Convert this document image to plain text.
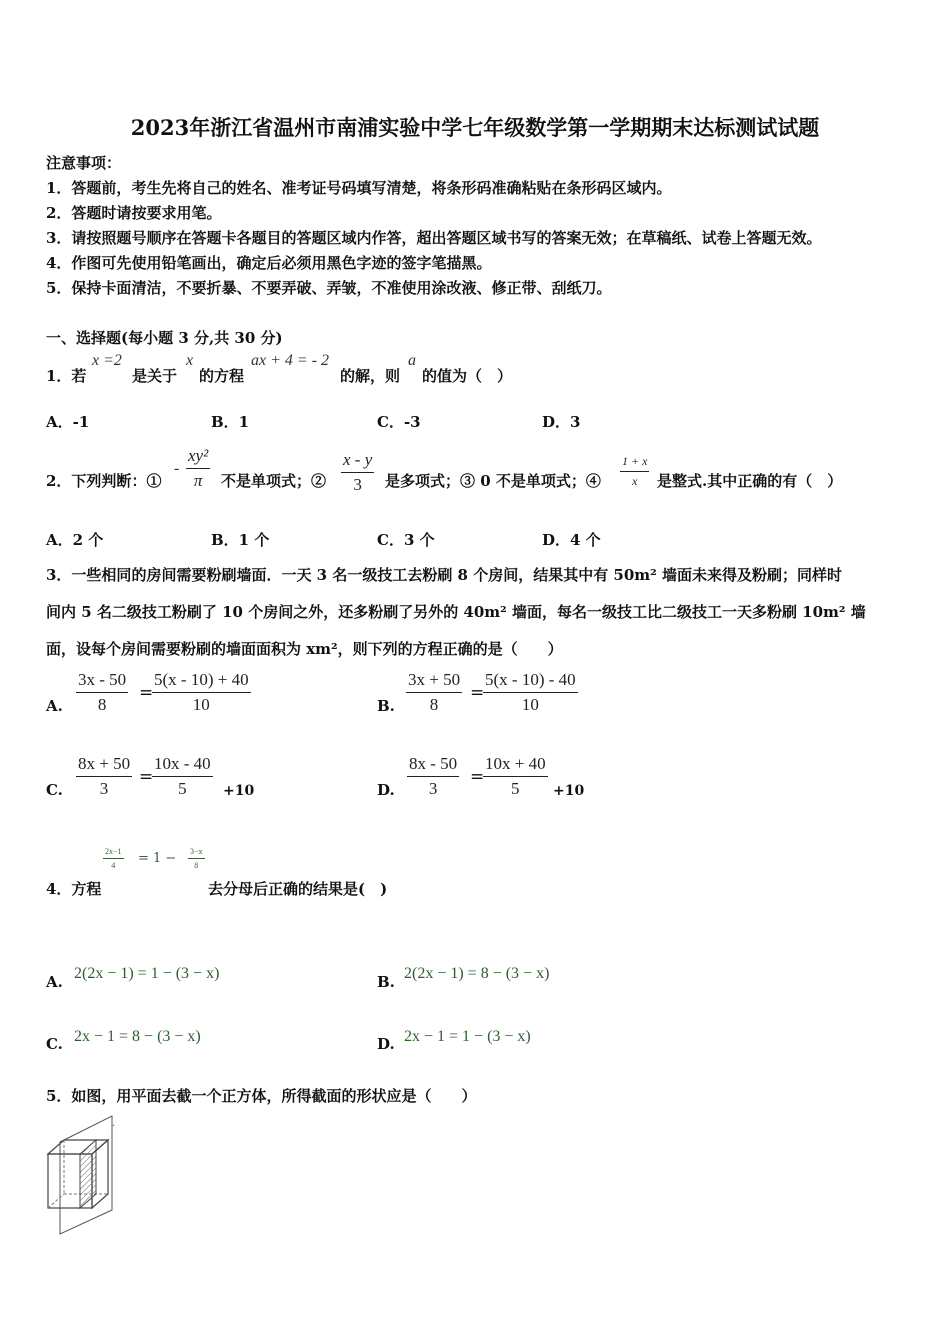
2023年浙江省温州市南浦实验中学七年级数学第一学期期末达标测试试题
注意事项：
1．答题前，考生先将自己的姓名、准考证号码填写清楚，将条形码准确粘贴在条形码区域内。
2．答题时请按要求用笔。
3．请按照题号顺序在答题卡各题目的答题区域内作答，超出答题区域书写的答案无效；在草稿纸、试卷上答题无效。
4．作图可先使用铅笔画出，确定后必须用黑色字迹的签字笔描黑。
5．保持卡面清洁，不要折暴、不要弄破、弄皱，不准使用涂改液、修正带、刮纸刀。
一、选择题(每小题 3 分,共 30 分)
1．若
x =2
是关于
x
的方程
ax + 4 = - 2
的解，则
a
的值为（　）
A．-1	B．1	C．-3	D．3
2．下列判断：①
- $\frac{\text{xy²}}{\pi}$ 不是单项式；② $\frac{x - y}{3}$ 是多项式；③ 0 不是单项式；④ $\frac{1 + x}{x}$ 是整式.其中正确的有（　）
A．2 个	B．1 个	C．3 个	D．4 个
3．一些相同的房间需要粉刷墙面．一天 3 名一级技工去粉刷 8 个房间，结果其中有 50m² 墙面未来得及粉刷；同样时
间内 5 名二级技工粉刷了 10 个房间之外，还多粉刷了另外的 40m² 墙面，每名一级技工比二级技工一天多粉刷 10m² 墙
面，设每个房间需要粉刷的墙面面积为 xm²，则下列的方程正确的是（　　）
A. $\frac{3x - 50}{8}$ =
$\frac{5(x - 10) + 40}{10}$	B. $\frac{3x + 50}{8}$ =
$\frac{5(x - 10) - 40}{10}$
C. $\frac{8x + 50}{3}$ =
$\frac{10x - 40}{5} +10$	D. $\frac{8x - 50}{3}$ =
$\frac{10x + 40}{5} +10$
4．方程
$\frac{2x-1}{4} = 1 - \frac{3-x}{8}$
去分母后正确的结果是(　)
A. 2(2x − 1) = 1 − (3 − x)	B. 2(2x − 1) = 8 − (3 − x)
C. 2x − 1 = 8 − (3 − x)	D. 2x − 1 = 1 − (3 − x)
5．如图，用平面去截一个正方体，所得截面的形状应是（　　）
.
